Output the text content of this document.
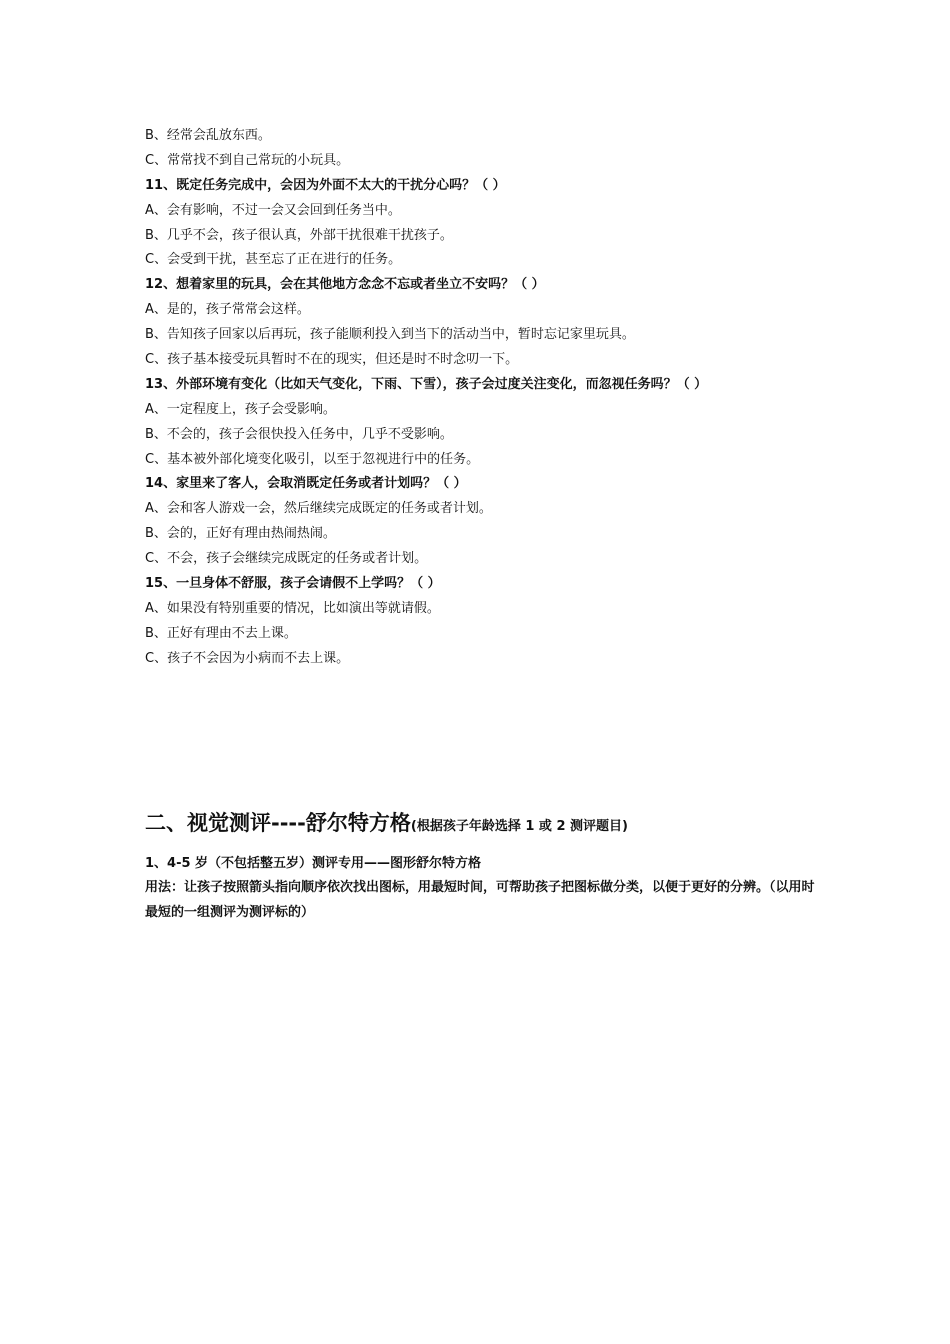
B、经常会乱放东西。
C、常常找不到自己常玩的小玩具。
11、既定任务完成中，会因为外面不太大的干扰分心吗？（ ）
A、会有影响，不过一会又会回到任务当中。
B、几乎不会，孩子很认真，外部干扰很难干扰孩子。
C、会受到干扰，甚至忘了正在进行的任务。
12、想着家里的玩具，会在其他地方念念不忘或者坐立不安吗？（ ）
A、是的，孩子常常会这样。
B、告知孩子回家以后再玩，孩子能顺利投入到当下的活动当中，暂时忘记家里玩具。
C、孩子基本接受玩具暂时不在的现实，但还是时不时念叨一下。
13、外部环境有变化（比如天气变化，下雨、下雪），孩子会过度关注变化，而忽视任务吗？（ ）
A、一定程度上，孩子会受影响。
B、不会的，孩子会很快投入任务中，几乎不受影响。
C、基本被外部化境变化吸引，以至于忽视进行中的任务。
14、家里来了客人，会取消既定任务或者计划吗？（ ）
A、会和客人游戏一会，然后继续完成既定的任务或者计划。
B、会的，正好有理由热闹热闹。
C、不会，孩子会继续完成既定的任务或者计划。
15、一旦身体不舒服，孩子会请假不上学吗？（ ）
A、如果没有特别重要的情况，比如演出等就请假。
B、正好有理由不去上课。
C、孩子不会因为小病而不去上课。
二、视觉测评----舒尔特方格(根据孩子年龄选择 1 或 2 测评题目)
1、4-5 岁（不包括整五岁）测评专用——图形舒尔特方格
用法：让孩子按照箭头指向顺序依次找出图标，用最短时间，可帮助孩子把图标做分类，以便于更好的分辨。（以用时最短的一组测评为测评标的）
